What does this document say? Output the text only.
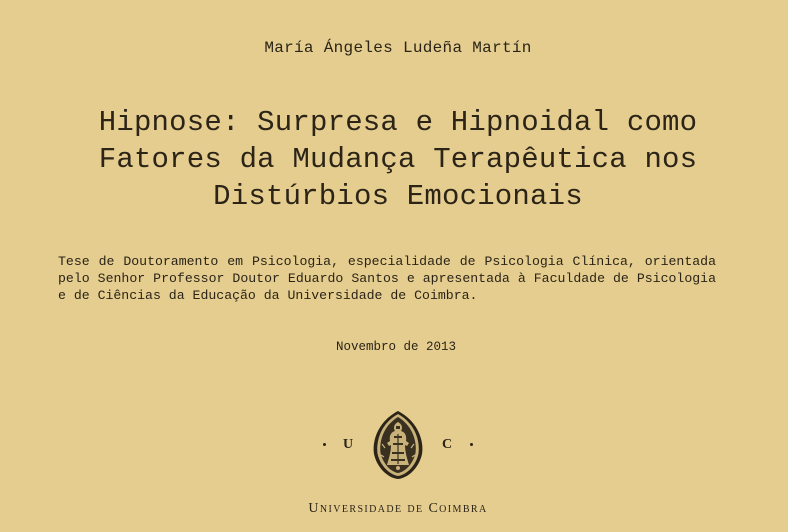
María Ángeles Ludeña Martín
Hipnose: Surpresa e Hipnoidal como
Fatores da Mudança Terapêutica nos
Distúrbios Emocionais
Tese de Doutoramento em Psicologia, especialidade de Psicologia Clínica, orientada pelo Senhor Professor Doutor Eduardo Santos e apresentada à Faculdade de Psicologia e de Ciências da Educação da Universidade de Coimbra.
Novembro de 2013
U	C
Universidade de Coimbra
